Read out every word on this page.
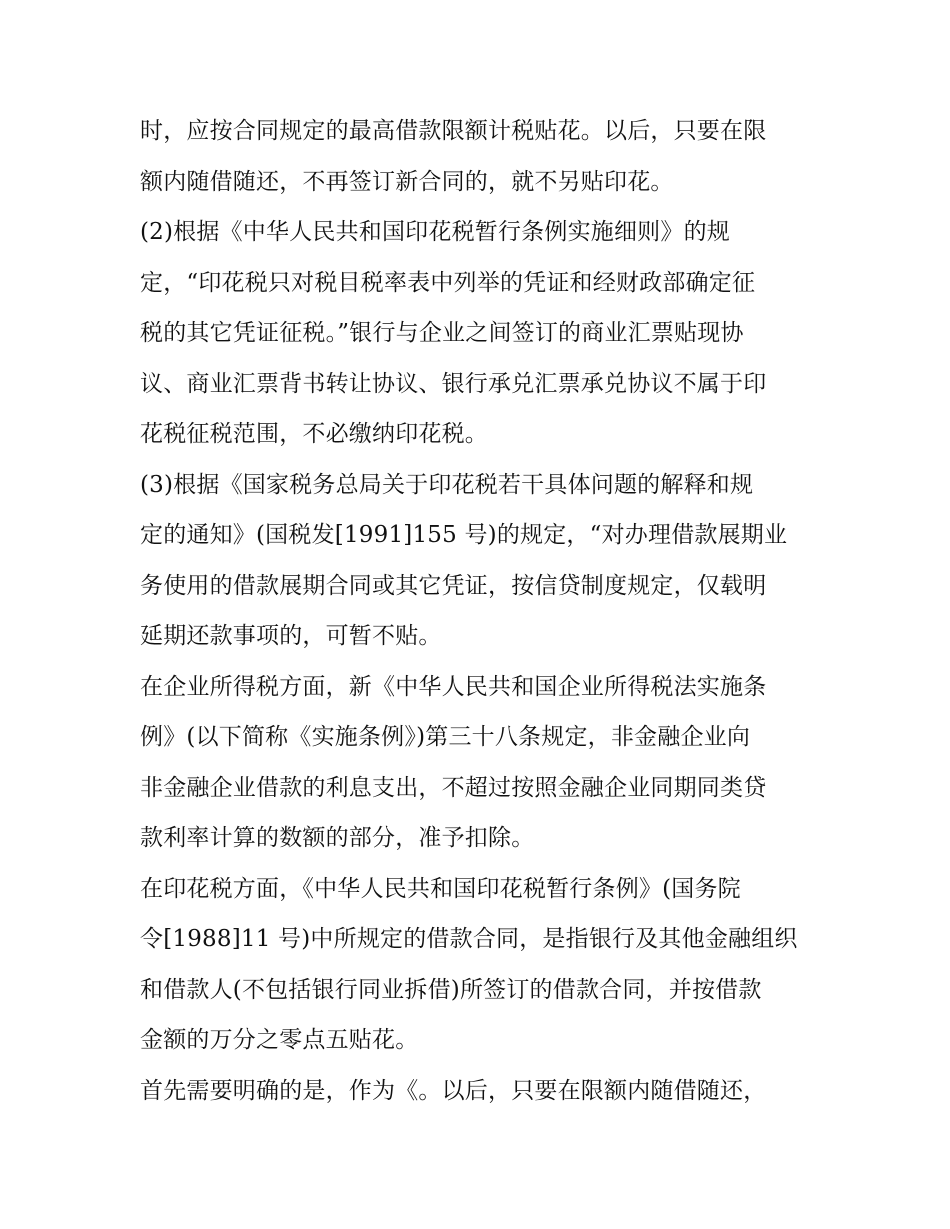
时，应按合同规定的最高借款限额计税贴花。以后，只要在限
额内随借随还，不再签订新合同的，就不另贴印花。
(2)根据《中华人民共和国印花税暂行条例实施细则》的规
定，“印花税只对税目税率表中列举的凭证和经财政部确定征
税的其它凭证征税。”银行与企业之间签订的商业汇票贴现协
议、商业汇票背书转让协议、银行承兑汇票承兑协议不属于印
花税征税范围，不必缴纳印花税。
(3)根据《国家税务总局关于印花税若干具体问题的解释和规
定的通知》(国税发[1991]155 号)的规定，“对办理借款展期业
务使用的借款展期合同或其它凭证，按信贷制度规定，仅载明
延期还款事项的，可暂不贴。
在企业所得税方面，新《中华人民共和国企业所得税法实施条
例》(以下简称《实施条例》)第三十八条规定，非金融企业向
非金融企业借款的利息支出，不超过按照金融企业同期同类贷
款利率计算的数额的部分，准予扣除。
在印花税方面，《中华人民共和国印花税暂行条例》(国务院
令[1988]11 号)中所规定的借款合同，是指银行及其他金融组织
和借款人(不包括银行同业拆借)所签订的借款合同，并按借款
金额的万分之零点五贴花。
首先需要明确的是，作为《。以后，只要在限额内随借随还，
